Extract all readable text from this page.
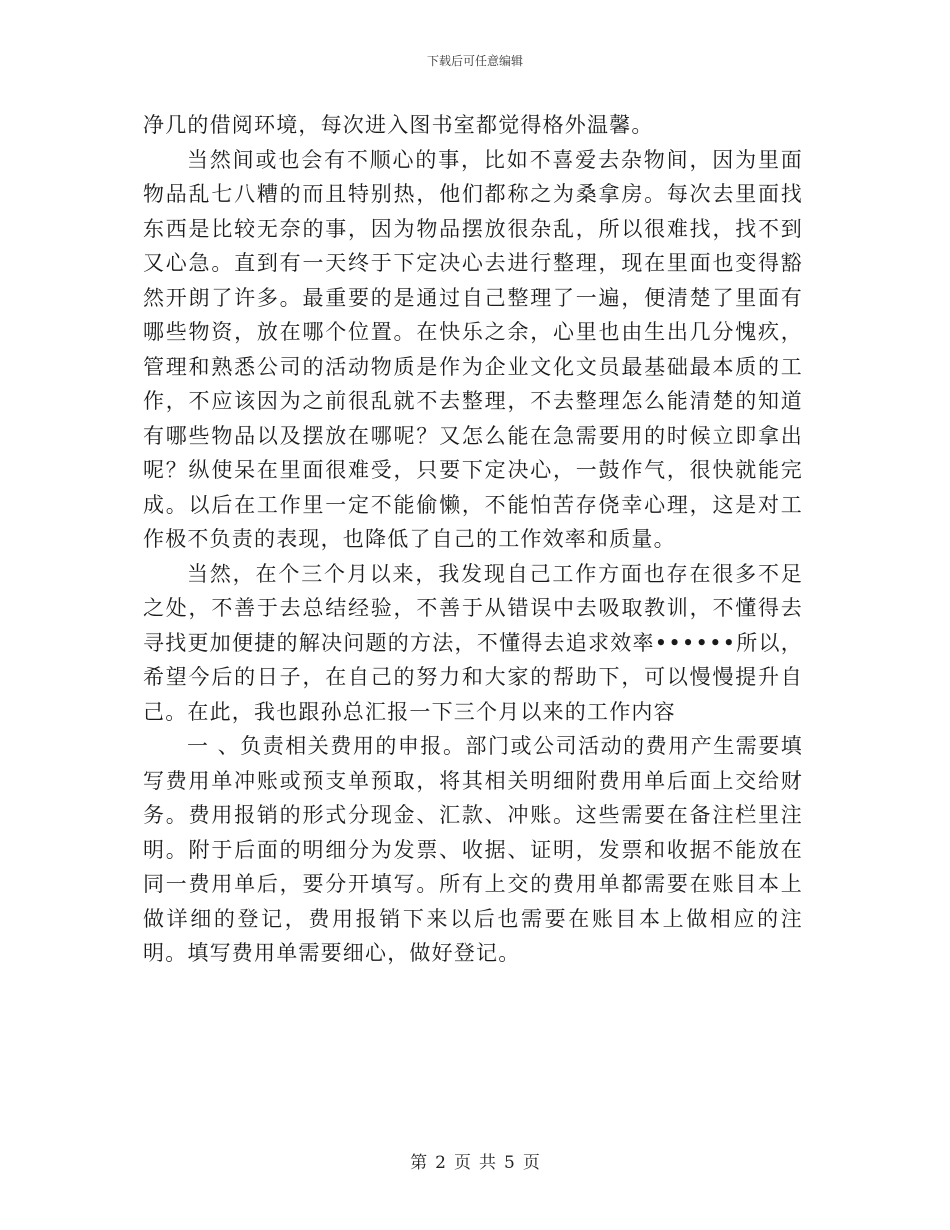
下载后可任意编辑

净几的借阅环境，每次进入图书室都觉得格外温馨。

当然间或也会有不顺心的事，比如不喜爱去杂物间，因为里面物品乱七八糟的而且特别热，他们都称之为桑拿房。每次去里面找东西是比较无奈的事，因为物品摆放很杂乱，所以很难找，找不到又心急。直到有一天终于下定决心去进行整理，现在里面也变得豁然开朗了许多。最重要的是通过自己整理了一遍，便清楚了里面有哪些物资，放在哪个位置。在快乐之余，心里也由生出几分愧疚，管理和熟悉公司的活动物质是作为企业文化文员最基础最本质的工作，不应该因为之前很乱就不去整理，不去整理怎么能清楚的知道有哪些物品以及摆放在哪呢？又怎么能在急需要用的时候立即拿出呢？纵使呆在里面很难受，只要下定决心，一鼓作气，很快就能完成。以后在工作里一定不能偷懒，不能怕苦存侥幸心理，这是对工作极不负责的表现，也降低了自己的工作效率和质量。

当然，在个三个月以来，我发现自己工作方面也存在很多不足之处，不善于去总结经验，不善于从错误中去吸取教训，不懂得去寻找更加便捷的解决问题的方法，不懂得去追求效率••••••所以，希望今后的日子，在自己的努力和大家的帮助下，可以慢慢提升自己。在此，我也跟孙总汇报一下三个月以来的工作内容

一 、负责相关费用的申报。部门或公司活动的费用产生需要填写费用单冲账或预支单预取，将其相关明细附费用单后面上交给财务。费用报销的形式分现金、汇款、冲账。这些需要在备注栏里注明。附于后面的明细分为发票、收据、证明，发票和收据不能放在同一费用单后，要分开填写。所有上交的费用单都需要在账目本上做详细的登记，费用报销下来以后也需要在账目本上做相应的注明。填写费用单需要细心，做好登记。

第 2 页 共 5 页
